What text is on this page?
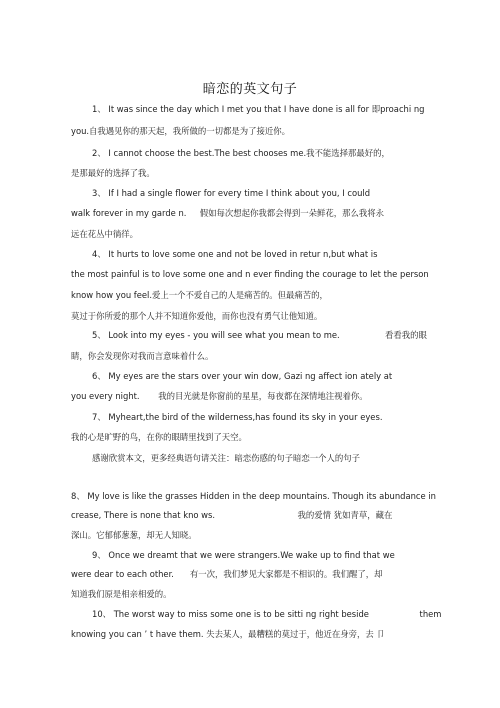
暗恋的英文句子
1、 It was since the day which I met you that I have done is all for 即proachi ng
you.自我遇见你的那天起，我所做的一切都是为了接近你。
2、 I cannot choose the best.The best chooses me.我不能选择那最好的，
是那最好的选择了我。
3、 If I had a single flower for every time I think about you, I could
walk forever in my garde n.     假如每次想起你我都会得到一朵鲜花，那么我将永
远在花丛中徜徉。
4、 It hurts to love some one and not be loved in retur n,but what is
the most painful is to love some one and n ever finding the courage to let the person
know how you feel.爱上一个不爱自己的人是痛苦的。但最痛苦的，
莫过于你所爱的那个人并不知道你爱他，而你也没有勇气让他知道。
5、 Look into my eyes - you will see what you mean to me.                 看看我的眼
睛，你会发现你对我而言意味着什么。
6、 My eyes are the stars over your win dow, Gazi ng affect ion ately at
you every night.       我的目光就是你窗前的星星，每夜都在深情地注视着你。
7、 Myheart,the bird of the wilderness,has found its sky in your eyes.
我的心是旷野的鸟，在你的眼睛里找到了天空。
感谢欣赏本文，更多经典语句请关注：暗恋伤感的句子暗恋一个人的句子
8、 My love is like the grasses Hidden in the deep mountains. Though its abundance in
crease, There is none that kno ws.                               我的爱情 犹如青草，藏在
深山。它郁郁葱葱，却无人知晓。
9、 Once we dreamt that we were strangers.We wake up to find that we
were dear to each other.      有一次，我们梦见大家都是不相识的。我们醒了，却
知道我们原是相亲相爱的。
10、 The worst way to miss some one is to be sitti ng right beside                   them
knowing you can ’ t have them. 失去某人，最糟糕的莫过于，他近在身旁，去 卩
